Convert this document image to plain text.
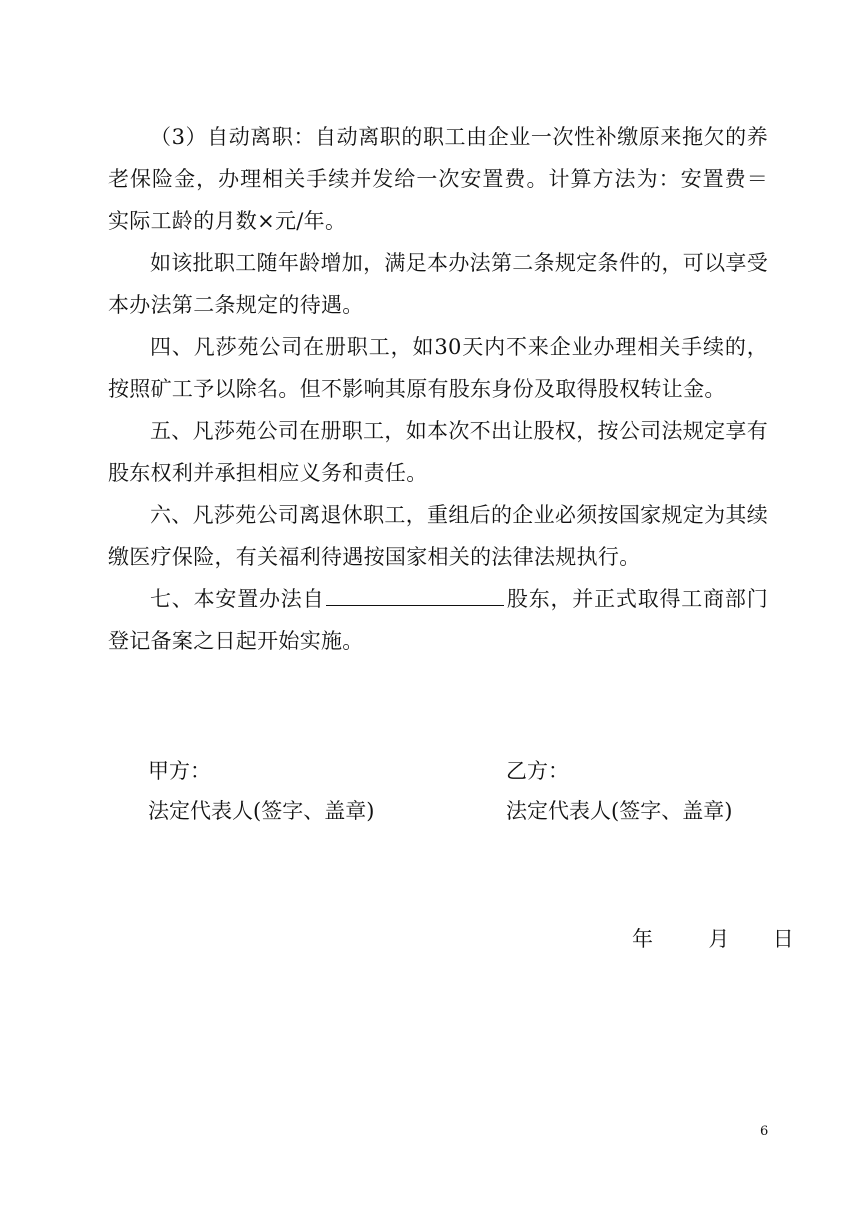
（3）自动离职：自动离职的职工由企业一次性补缴原来拖欠的养老保险金，办理相关手续并发给一次安置费。计算方法为：安置费＝实际工龄的月数×元/年。

如该批职工随年龄增加，满足本办法第二条规定条件的，可以享受本办法第二条规定的待遇。

四、凡莎苑公司在册职工，如30天内不来企业办理相关手续的，按照矿工予以除名。但不影响其原有股东身份及取得股权转让金。

五、凡莎苑公司在册职工，如本次不出让股权，按公司法规定享有股东权利并承担相应义务和责任。

六、凡莎苑公司离退休职工，重组后的企业必须按国家规定为其续缴医疗保险，有关福利待遇按国家相关的法律法规执行。

七、本安置办法自	股东，并正式取得工商部门登记备案之日起开始实施。

甲方：	乙方：

法定代表人(签字、盖章)	法定代表人(签字、盖章)

年	月 日
6
